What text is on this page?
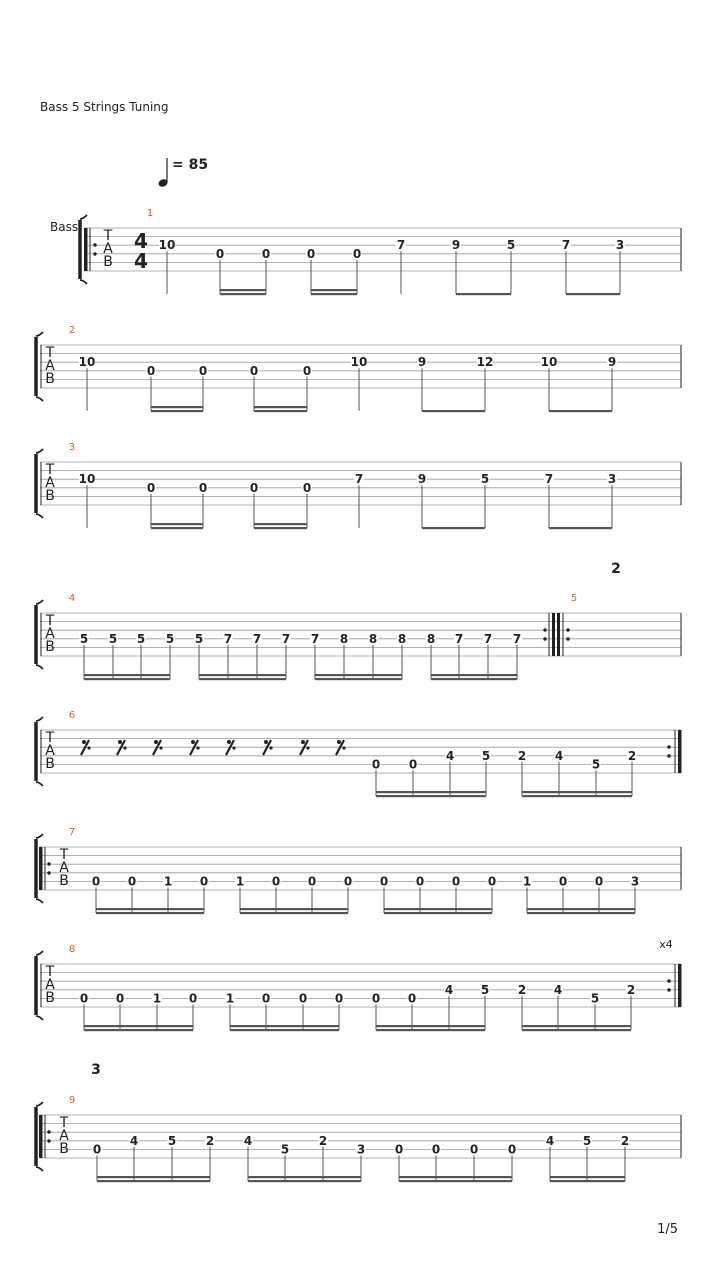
Bass 5 Strings Tuning
1/5
= 85
T
A
B
4
4
Bass
1
10
0	0	0	0
7	9	5	7	3
T
A
B
2
10
0	0	0	0
10	9	12	10	9
T
A
B
3
10
0	0	0	0
7	9	5	7	3
T
A
B
4	5
2
5 5 5 5 5 7 7 7 7 8 8 8 8 7 7 7
T
A
B
6
0 0
4 5 2 4
5
2
T
A
B
7
0 0 1 0 1 0 0 0 0 0 0 0 1 0 0 3
T
A
B
8	x4
0 0 1 0 1 0 0 0 0 0
4 5 2 4
5
2
T
A
B
9
3
0
4 5 2 4
5
2
3 0 0 0 0
4 5 2
